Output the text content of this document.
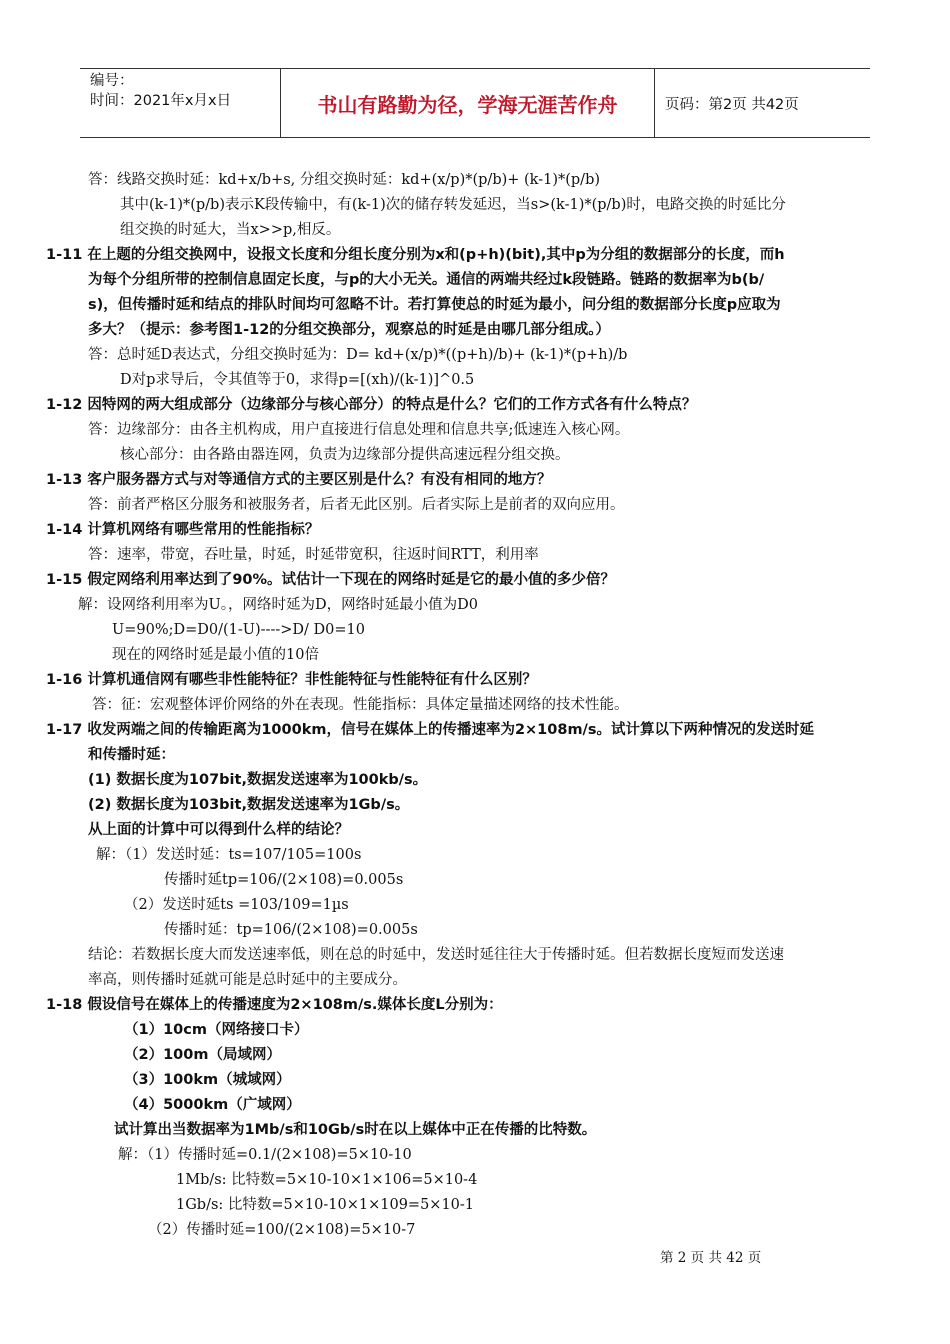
编号：
时间：2021年x月x日	书山有路勤为径，学海无涯苦作舟	页码：第2页 共42页
答：线路交换时延：kd+x/b+s, 分组交换时延：kd+(x/p)*(p/b)+ (k-1)*(p/b)
其中(k-1)*(p/b)表示K段传输中，有(k-1)次的储存转发延迟，当s>(k-1)*(p/b)时，电路交换的时延比分
组交换的时延大，当x>>p,相反。
1-11 在上题的分组交换网中，设报文长度和分组长度分别为x和(p+h)(bit),其中p为分组的数据部分的长度，而h
为每个分组所带的控制信息固定长度，与p的大小无关。通信的两端共经过k段链路。链路的数据率为b(b/
s)，但传播时延和结点的排队时间均可忽略不计。若打算使总的时延为最小，问分组的数据部分长度p应取为
多大？（提示：参考图1-12的分组交换部分，观察总的时延是由哪几部分组成。）
答：总时延D表达式，分组交换时延为：D= kd+(x/p)*((p+h)/b)+ (k-1)*(p+h)/b
D对p求导后，令其值等于0，求得p=[(xh)/(k-1)]^0.5
1-12 因特网的两大组成部分（边缘部分与核心部分）的特点是什么？它们的工作方式各有什么特点？
答：边缘部分：由各主机构成，用户直接进行信息处理和信息共享;低速连入核心网。
核心部分：由各路由器连网，负责为边缘部分提供高速远程分组交换。
1-13 客户服务器方式与对等通信方式的主要区别是什么？有没有相同的地方？
答：前者严格区分服务和被服务者，后者无此区别。后者实际上是前者的双向应用。
1-14 计算机网络有哪些常用的性能指标？
答：速率，带宽，吞吐量，时延，时延带宽积，往返时间RTT，利用率
1-15 假定网络利用率达到了90%。试估计一下现在的网络时延是它的最小值的多少倍？
解：设网络利用率为U。，网络时延为D，网络时延最小值为D0
U=90%;D=D0/(1-U)---->D/ D0=10
现在的网络时延是最小值的10倍
1-16 计算机通信网有哪些非性能特征？非性能特征与性能特征有什么区别？
答：征：宏观整体评价网络的外在表现。性能指标：具体定量描述网络的技术性能。
1-17 收发两端之间的传输距离为1000km，信号在媒体上的传播速率为2×108m/s。试计算以下两种情况的发送时延
和传播时延：
(1) 数据长度为107bit,数据发送速率为100kb/s。
(2) 数据长度为103bit,数据发送速率为1Gb/s。
从上面的计算中可以得到什么样的结论？
解：（1）发送时延：ts=107/105=100s
传播时延tp=106/(2×108)=0.005s
（2）发送时延ts =103/109=1µs
传播时延：tp=106/(2×108)=0.005s
结论：若数据长度大而发送速率低，则在总的时延中，发送时延往往大于传播时延。但若数据长度短而发送速
率高，则传播时延就可能是总时延中的主要成分。
1-18 假设信号在媒体上的传播速度为2×108m/s.媒体长度L分别为：
（1）10cm（网络接口卡）
（2）100m（局域网）
（3）100km（城域网）
（4）5000km（广域网）
试计算出当数据率为1Mb/s和10Gb/s时在以上媒体中正在传播的比特数。
解：（1）传播时延=0.1/(2×108)=5×10-10
1Mb/s: 比特数=5×10-10×1×106=5×10-4
1Gb/s: 比特数=5×10-10×1×109=5×10-1
（2）传播时延=100/(2×108)=5×10-7
第 2 页 共 42 页
